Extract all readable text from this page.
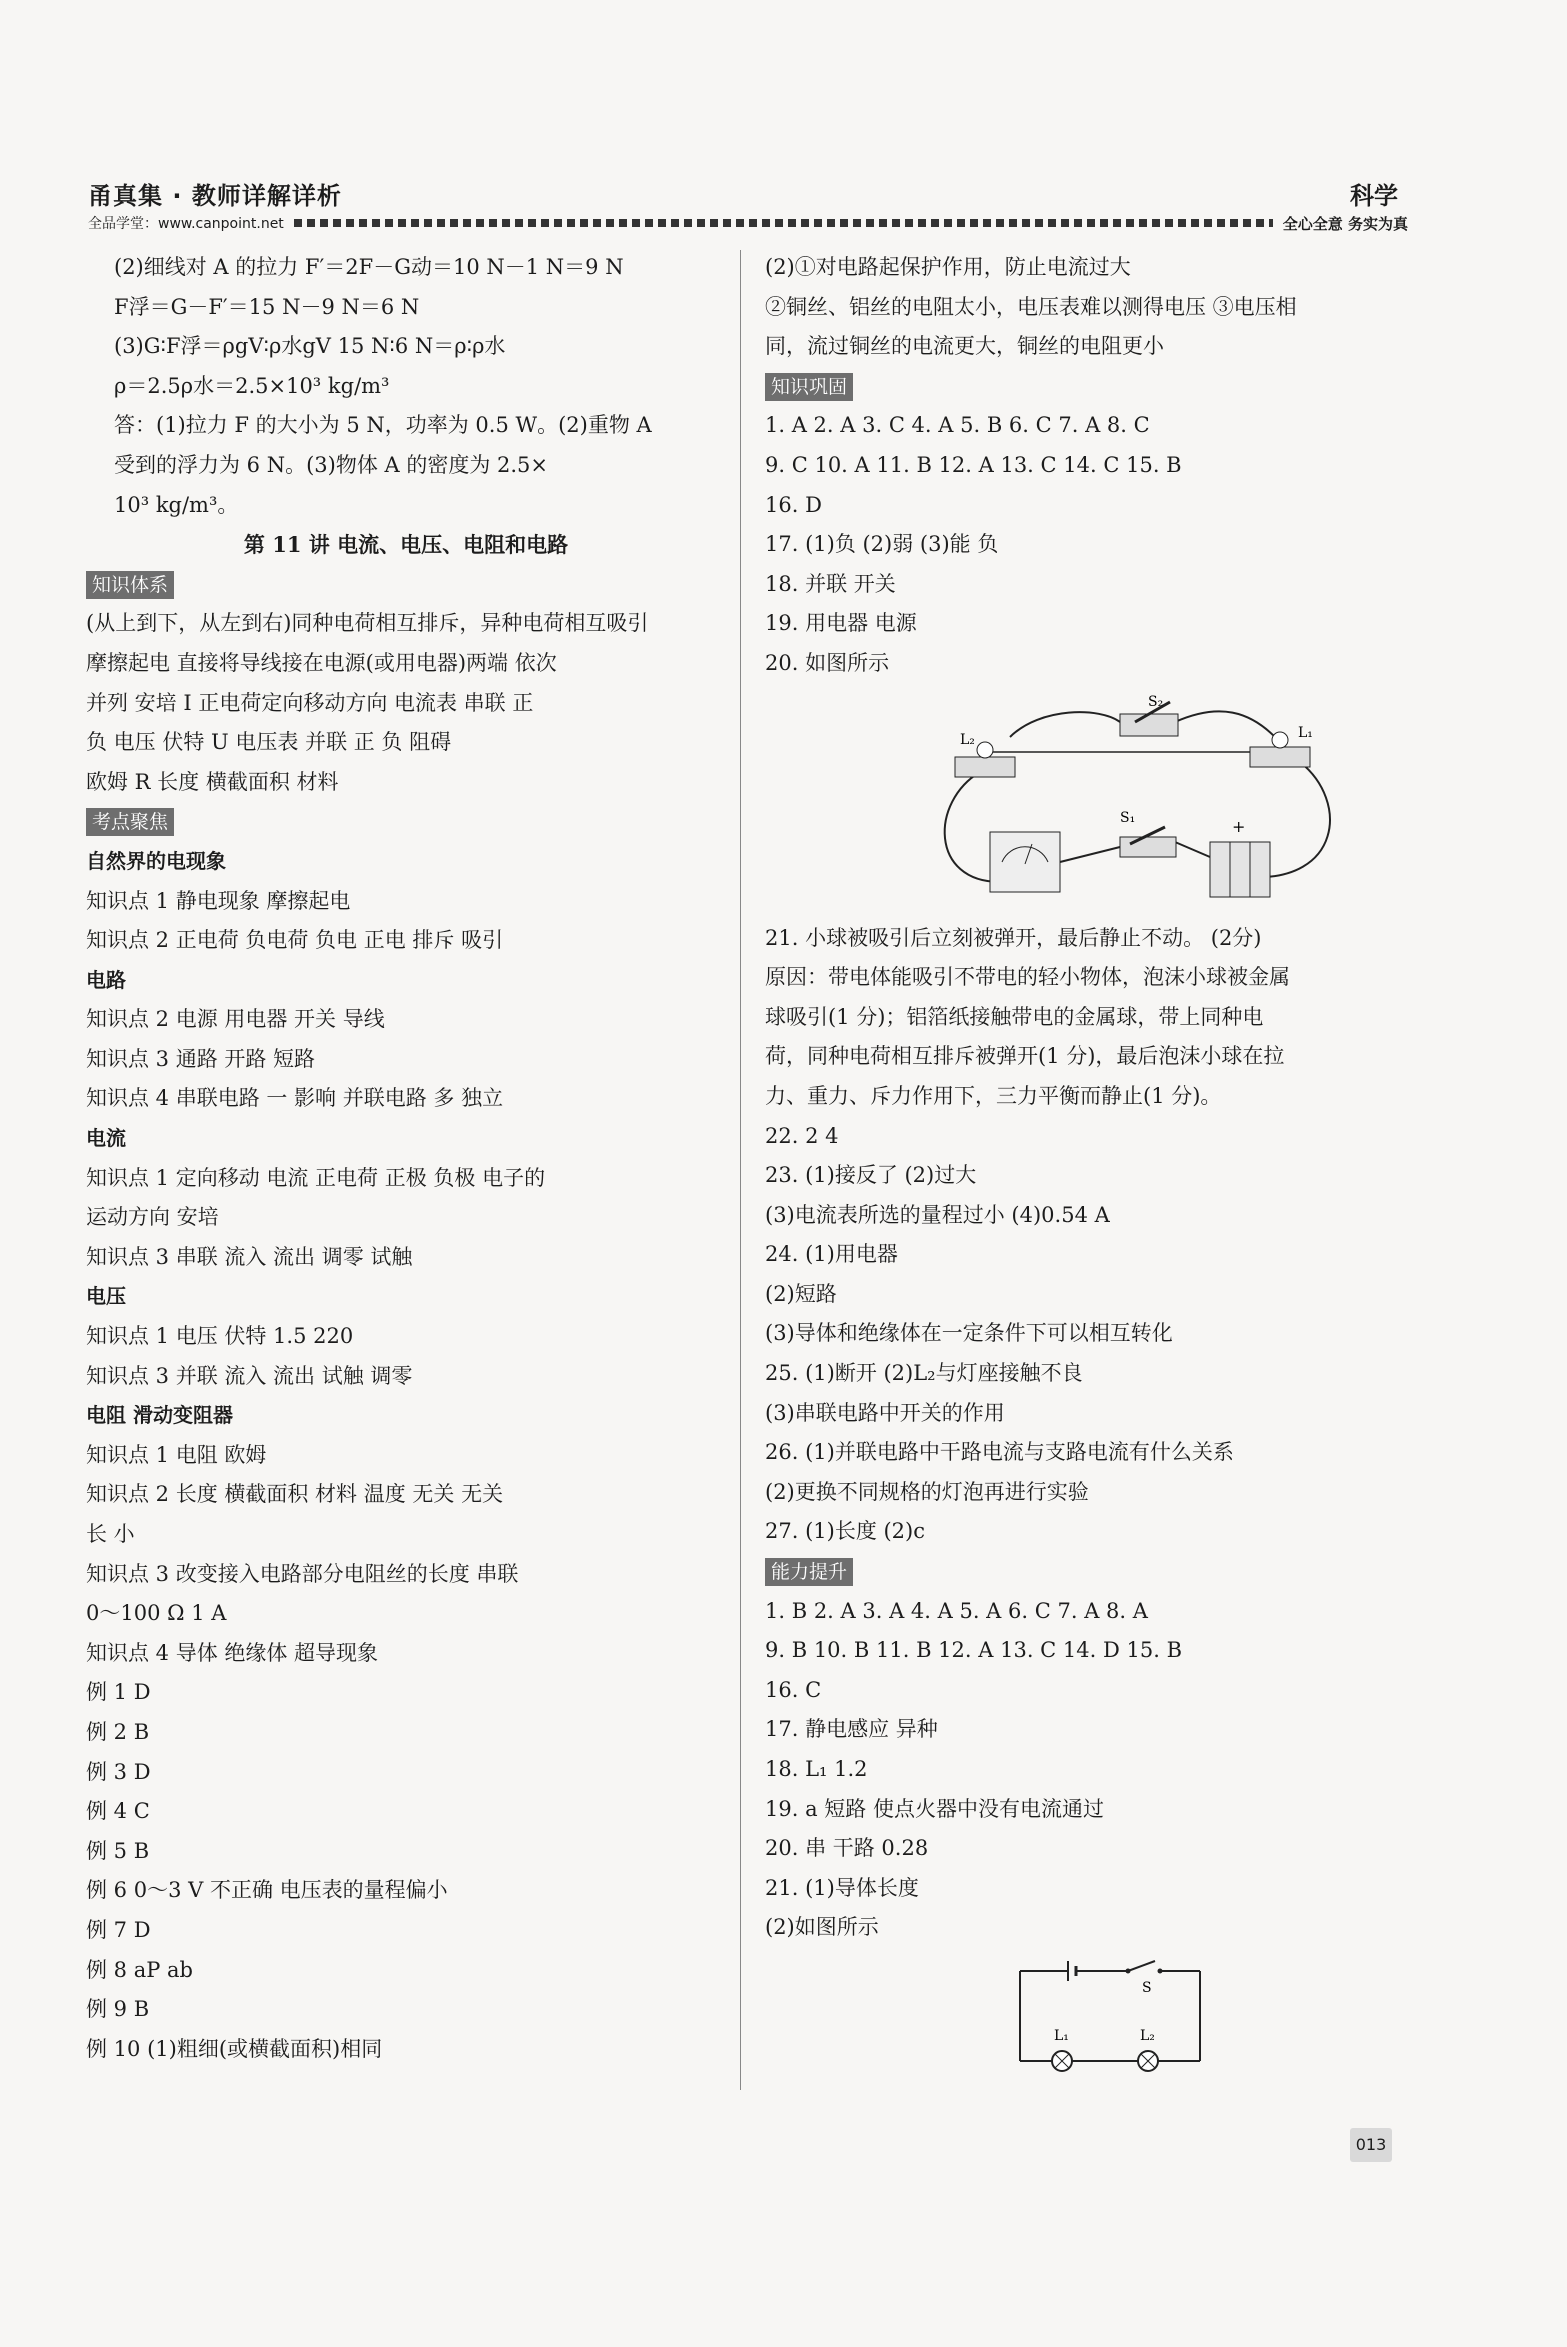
甬真集 · 教师详解详析	科学
全品学堂：www.canpoint.net	全心全意 务实为真
(2)细线对 A 的拉力 F′＝2F－G动＝10 N－1 N＝9 N
F浮＝G－F′＝15 N－9 N＝6 N
(3)G∶F浮＝ρgV∶ρ水gV 15 N∶6 N＝ρ∶ρ水
ρ＝2.5ρ水＝2.5×10³ kg/m³
答：(1)拉力 F 的大小为 5 N，功率为 0.5 W。(2)重物 A
受到的浮力为 6 N。(3)物体 A 的密度为 2.5×
10³ kg/m³。
第 11 讲 电流、电压、电阻和电路
知识体系
(从上到下，从左到右)同种电荷相互排斥，异种电荷相互吸引
摩擦起电 直接将导线接在电源(或用电器)两端 依次
并列 安培 I 正电荷定向移动方向 电流表 串联 正
负 电压 伏特 U 电压表 并联 正 负 阻碍
欧姆 R 长度 横截面积 材料
考点聚焦
自然界的电现象
知识点 1 静电现象 摩擦起电
知识点 2 正电荷 负电荷 负电 正电 排斥 吸引
电路
知识点 2 电源 用电器 开关 导线
知识点 3 通路 开路 短路
知识点 4 串联电路 一 影响 并联电路 多 独立
电流
知识点 1 定向移动 电流 正电荷 正极 负极 电子的
运动方向 安培
知识点 3 串联 流入 流出 调零 试触
电压
知识点 1 电压 伏特 1.5 220
知识点 3 并联 流入 流出 试触 调零
电阻 滑动变阻器
知识点 1 电阻 欧姆
知识点 2 长度 横截面积 材料 温度 无关 无关
长 小
知识点 3 改变接入电路部分电阻丝的长度 串联
0～100 Ω 1 A
知识点 4 导体 绝缘体 超导现象
例 1 D
例 2 B
例 3 D
例 4 C
例 5 B
例 6 0～3 V 不正确 电压表的量程偏小
例 7 D
例 8 aP ab
例 9 B
例 10 (1)粗细(或横截面积)相同
(2)①对电路起保护作用，防止电流过大
②铜丝、铝丝的电阻太小，电压表难以测得电压 ③电压相
同，流过铜丝的电流更大，铜丝的电阻更小
知识巩固
1. A 2. A 3. C 4. A 5. B 6. C 7. A 8. C
9. C 10. A 11. B 12. A 13. C 14. C 15. B
16. D
17. (1)负 (2)弱 (3)能 负
18. 并联 开关
19. 用电器 电源
20. 如图所示
S₂
L₂	L₁
S₁	+
21. 小球被吸引后立刻被弹开，最后静止不动。 (2分)
原因：带电体能吸引不带电的轻小物体，泡沫小球被金属
球吸引(1 分)；铝箔纸接触带电的金属球，带上同种电
荷，同种电荷相互排斥被弹开(1 分)，最后泡沫小球在拉
力、重力、斥力作用下，三力平衡而静止(1 分)。
22. 2 4
23. (1)接反了 (2)过大
(3)电流表所选的量程过小 (4)0.54 A
24. (1)用电器
(2)短路
(3)导体和绝缘体在一定条件下可以相互转化
25. (1)断开 (2)L₂与灯座接触不良
(3)串联电路中开关的作用
26. (1)并联电路中干路电流与支路电流有什么关系
(2)更换不同规格的灯泡再进行实验
27. (1)长度 (2)c
能力提升
1. B 2. A 3. A 4. A 5. A 6. C 7. A 8. A
9. B 10. B 11. B 12. A 13. C 14. D 15. B
16. C
17. 静电感应 异种
18. L₁ 1.2
19. a 短路 使点火器中没有电流通过
20. 串 干路 0.28
21. (1)导体长度
(2)如图所示
S
L₁	L₂
013
